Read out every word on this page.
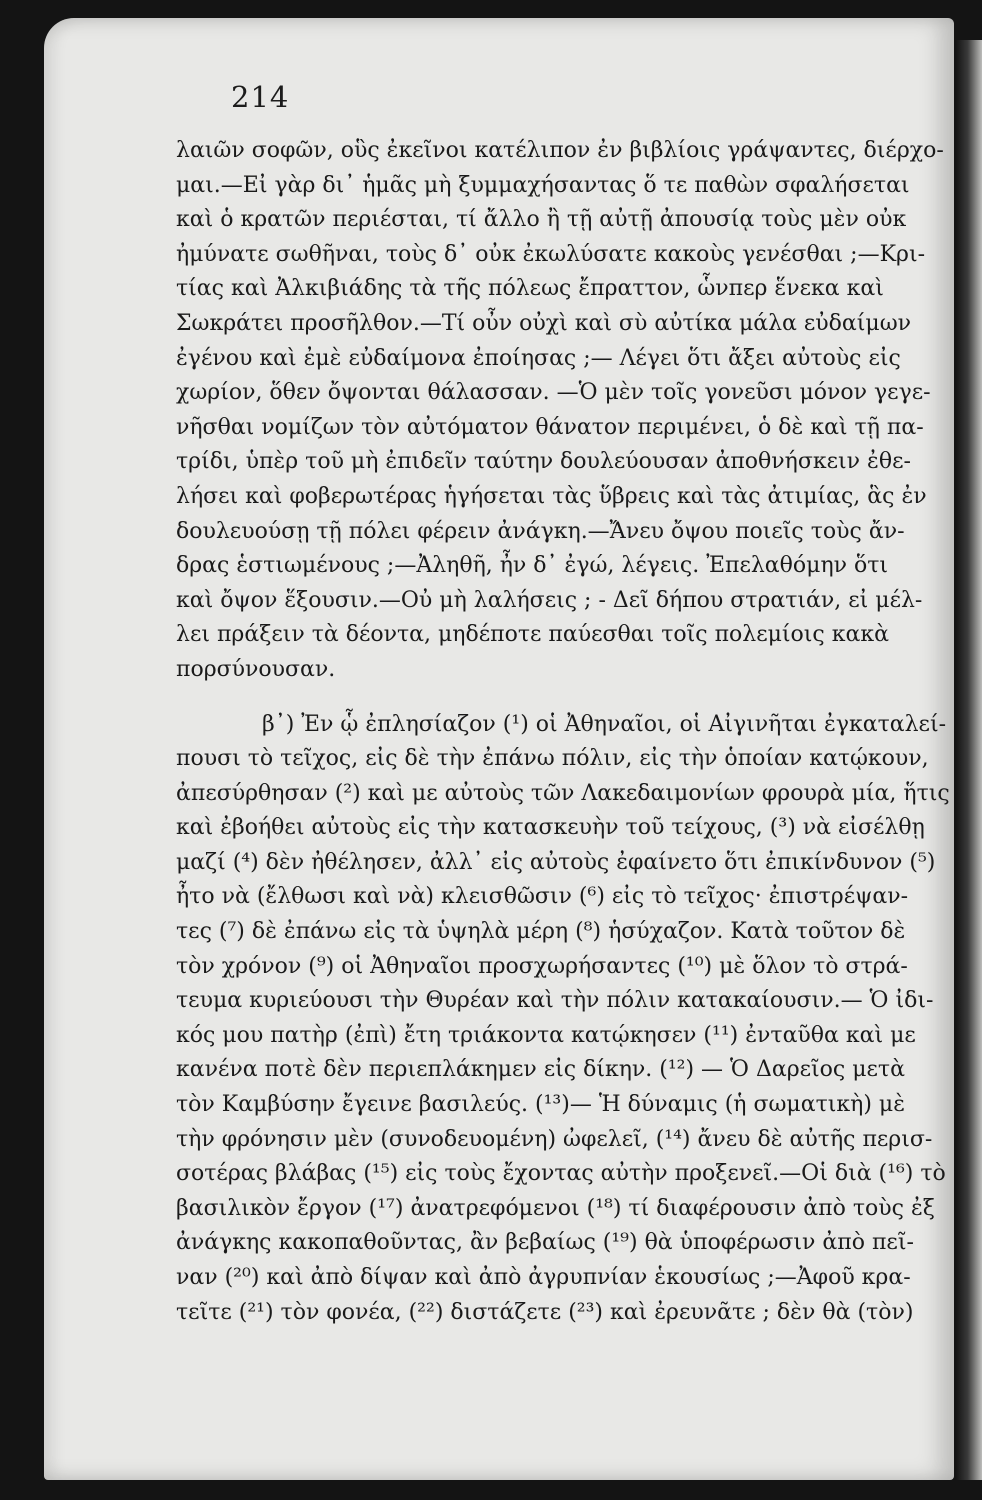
214
λαιῶν σοφῶν, οὓς ἐκεῖνοι κατέλιπον ἐν βιβλίοις γράψαντες, διέρχο-
μαι.—Εἰ γὰρ δι᾽ ἡμᾶς μὴ ξυμμαχήσαντας ὅ τε παθὼν σφαλήσεται
καὶ ὁ κρατῶν περιέσται, τί ἄλλο ἢ τῇ αὐτῇ ἀπουσίᾳ τοὺς μὲν οὐκ
ἠμύνατε σωθῆναι, τοὺς δ᾽ οὐκ ἐκωλύσατε κακοὺς γενέσθαι ;—Κρι-
τίας καὶ Ἀλκιβιάδης τὰ τῆς πόλεως ἔπραττον, ὧνπερ ἕνεκα καὶ
Σωκράτει προσῆλθον.—Τί οὖν οὐχὶ καὶ σὺ αὐτίκα μάλα εὐδαίμων
ἐγένου καὶ ἐμὲ εὐδαίμονα ἐποίησας ;— Λέγει ὅτι ἄξει αὐτοὺς εἰς
χωρίον, ὅθεν ὄψονται θάλασσαν. —Ὁ μὲν τοῖς γονεῦσι μόνον γεγε-
νῆσθαι νομίζων τὸν αὐτόματον θάνατον περιμένει, ὁ δὲ καὶ τῇ πα-
τρίδι, ὑπὲρ τοῦ μὴ ἐπιδεῖν ταύτην δουλεύουσαν ἀποθνήσκειν ἐθε-
λήσει καὶ φοβερωτέρας ἡγήσεται τὰς ὕβρεις καὶ τὰς ἀτιμίας, ἃς ἐν
δουλευούσῃ τῇ πόλει φέρειν ἀνάγκη.—Ἄνευ ὄψου ποιεῖς τοὺς ἄν-
δρας ἑστιωμένους ;—Ἀληθῆ, ἦν δ᾽ ἐγώ, λέγεις. Ἐπελαθόμην ὅτι
καὶ ὄψον ἕξουσιν.—Οὐ μὴ λαλήσεις ; - Δεῖ δήπου στρατιάν, εἰ μέλ-
λει πράξειν τὰ δέοντα, μηδέποτε παύεσθαι τοῖς πολεμίοις κακὰ
πορσύνουσαν.
β᾽) Ἐν ᾧ ἐπλησίαζον (¹) οἱ Ἀθηναῖοι, οἱ Αἰγινῆται ἐγκαταλεί-
πουσι τὸ τεῖχος, εἰς δὲ τὴν ἐπάνω πόλιν, εἰς τὴν ὁποίαν κατῴκουν,
ἀπεσύρθησαν (²) καὶ με αὐτοὺς τῶν Λακεδαιμονίων φρουρὰ μία, ἥτις
καὶ ἐβοήθει αὐτοὺς εἰς τὴν κατασκευὴν τοῦ τείχους, (³) νὰ εἰσέλθῃ
μαζί (⁴) δὲν ἠθέλησεν, ἀλλ᾽ εἰς αὐτοὺς ἐφαίνετο ὅτι ἐπικίνδυνον (⁵)
ἦτο νὰ (ἔλθωσι καὶ νὰ) κλεισθῶσιν (⁶) εἰς τὸ τεῖχος· ἐπιστρέψαν-
τες (⁷) δὲ ἐπάνω εἰς τὰ ὑψηλὰ μέρη (⁸) ἡσύχαζον. Κατὰ τοῦτον δὲ
τὸν χρόνον (⁹) οἱ Ἀθηναῖοι προσχωρήσαντες (¹⁰) μὲ ὅλον τὸ στρά-
τευμα κυριεύουσι τὴν Θυρέαν καὶ τὴν πόλιν κατακαίουσιν.— Ὁ ἰδι-
κός μου πατὴρ (ἐπὶ) ἔτη τριάκοντα κατῴκησεν (¹¹) ἐνταῦθα καὶ με
κανένα ποτὲ δὲν περιεπλάκημεν εἰς δίκην. (¹²) — Ὁ Δαρεῖος μετὰ
τὸν Καμβύσην ἔγεινε βασιλεύς. (¹³)— Ἡ δύναμις (ἡ σωματικὴ) μὲ
τὴν φρόνησιν μὲν (συνοδευομένη) ὠφελεῖ, (¹⁴) ἄνευ δὲ αὐτῆς περισ-
σοτέρας βλάβας (¹⁵) εἰς τοὺς ἔχοντας αὐτὴν προξενεῖ.—Οἱ διὰ (¹⁶) τὸ
βασιλικὸν ἔργον (¹⁷) ἀνατρεφόμενοι (¹⁸) τί διαφέρουσιν ἀπὸ τοὺς ἐξ
ἀνάγκης κακοπαθοῦντας, ἂν βεβαίως (¹⁹) θὰ ὑποφέρωσιν ἀπὸ πεῖ-
ναν (²⁰) καὶ ἀπὸ δίψαν καὶ ἀπὸ ἀγρυπνίαν ἑκουσίως ;—Ἀφοῦ κρα-
τεῖτε (²¹) τὸν φονέα, (²²) διστάζετε (²³) καὶ ἐρευνᾶτε ; δὲν θὰ (τὸν)
